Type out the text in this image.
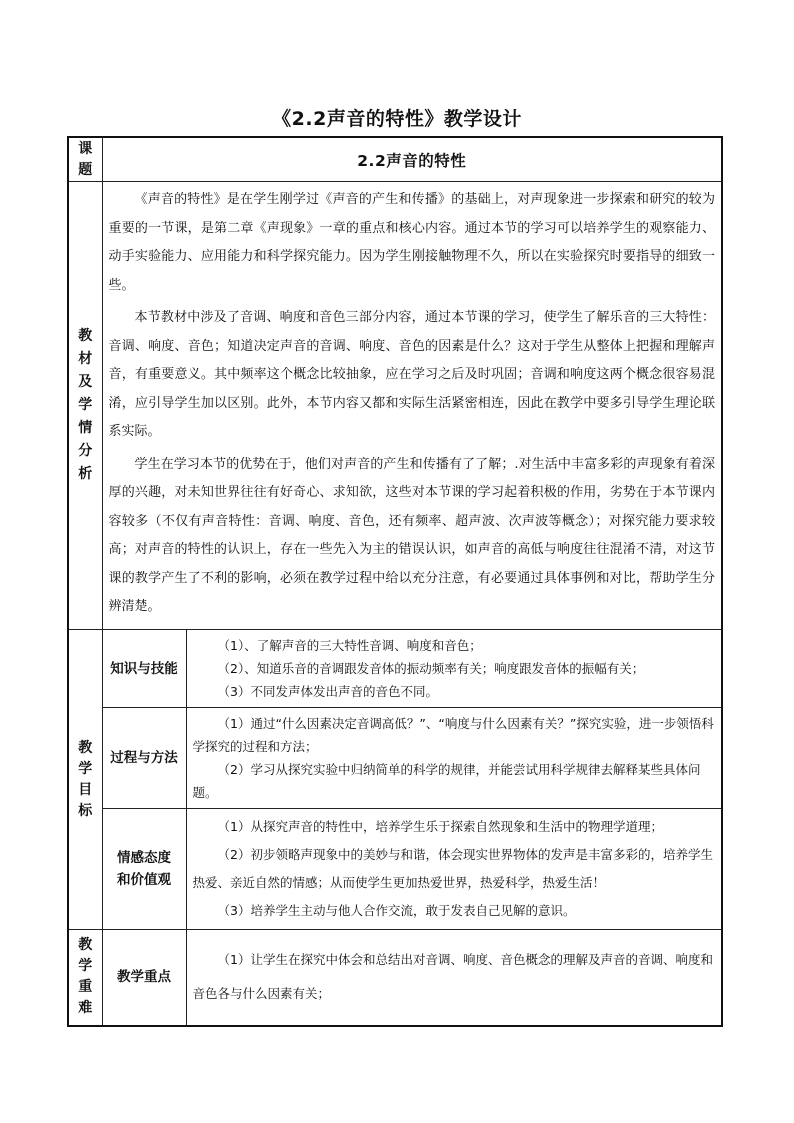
《2.2声音的特性》教学设计
课题	2.2声音的特性	
教材及学情分析	《声音的特性》是在学生刚学过《声音的产生和传播》的基础上，对声现象进一步探索和研究的较为重要的一节课，是第二章《声现象》一章的重点和核心内容。通过本节的学习可以培养学生的观察能力、动手实验能力、应用能力和科学探究能力。因为学生刚接触物理不久，所以在实验探究时要指导的细致一些。

本节教材中涉及了音调、响度和音色三部分内容，通过本节课的学习，使学生了解乐音的三大特性：音调、响度、音色；知道决定声音的音调、响度、音色的因素是什么？这对于学生从整体上把握和理解声音，有重要意义。其中频率这个概念比较抽象，应在学习之后及时巩固；音调和响度这两个概念很容易混淆，应引导学生加以区别。此外，本节内容又都和实际生活紧密相连，因此在教学中要多引导学生理论联系实际。

学生在学习本节的优势在于，他们对声音的产生和传播有了了解；.对生活中丰富多彩的声现象有着深厚的兴趣，对未知世界往往有好奇心、求知欲，这些对本节课的学习起着积极的作用，劣势在于本节课内容较多（不仅有声音特性：音调、响度、音色，还有频率、超声波、次声波等概念）；对探究能力要求较高；对声音的特性的认识上，存在一些先入为主的错误认识，如声音的高低与响度往往混淆不清，对这节课的教学产生了不利的影响，必须在教学过程中给以充分注意，有必要通过具体事例和对比，帮助学生分辨清楚。	

教学目标	知识与技能	（1）、了解声音的三大特性音调、响度和音色；

（2）、知道乐音的音调跟发音体的振动频率有关；响度跟发音体的振幅有关；

（3）不同发声体发出声音的音色不同。

	过程与方法	（1）通过“什么因素决定音调高低？”、“响度与什么因素有关？”探究实验，进一步领悟科学探究的过程和方法；

（2）学习从探究实验中归纳简单的科学的规律，并能尝试用科学规律去解释某些具体问题。

	情感态度和价值观	（1）从探究声音的特性中，培养学生乐于探索自然现象和生活中的物理学道理；

（2）初步领略声现象中的美妙与和谐，体会现实世界物体的发声是丰富多彩的，培养学生热爱、亲近自然的情感；从而使学生更加热爱世界，热爱科学，热爱生活！

（3）培养学生主动与他人合作交流，敢于发表自己见解的意识。

教学重难	教学重点	（1）让学生在探究中体会和总结出对音调、响度、音色概念的理解及声音的音调、响度和音色各与什么因素有关；
